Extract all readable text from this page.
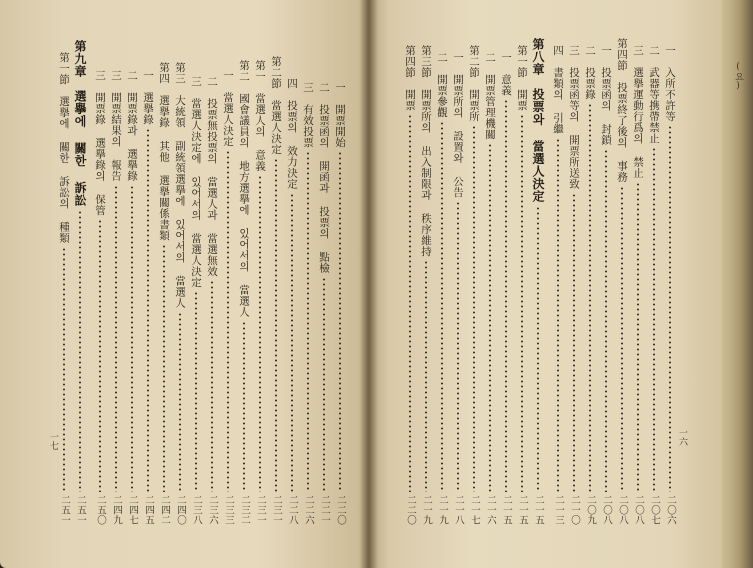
一　開票開始
二二〇
二　投票函의 開函과 投票의 點檢
二二一
三　有效投票
二二六
四　投票의 效力決定
二二八
第二節　當選人決定
二三一
第一　當選人의 意義
二三一
第二　國會議員의 地方選擧에 있어서의 當選人
二三二
一　當選人決定
二三三
二　投票無投票의 當選人과 當選無效
二三六
三　當選人決定에 있어서의 當選人決定
二三八
第三　大統領 副統領選擧에 있어서의 當選人
二四〇
第四　選擧錄 其他 選擧關係書類
二四二
一　選擧錄
二四五
二　開票錄과 選擧錄
二四七
三　開票結果의 報告
二四九
三　開票錄 選擧錄의 保管
二五〇
第九章　選擧에 關한 訴訟
二五一
第一節　選擧에 關한 訴訟의 種類
二五一
一七
一　入所不許等
二〇六
二　武器等携帶禁止
二〇七
三　選擧運動行爲의 禁止
二〇八
第四節　投票終了後의 事務
二〇八
一　投票函의 封鎖
二〇八
二　投票錄
二〇九
三　投票函等의 開票所送致
二一〇
四　書類의 引繼
二一三
第八章　投票와 當選人決定
二一五
第一節　開票
二一五
一　意義
二一五
二　開票管理機關
二一六
第二節　開票所
二一七
一　開票所의 設置와 公告
二一八
二　開票參觀
二一九
第三節　開票所의 出入制限과 秩序維持
二一九
第四節　開票
二二〇
一六
(요)
